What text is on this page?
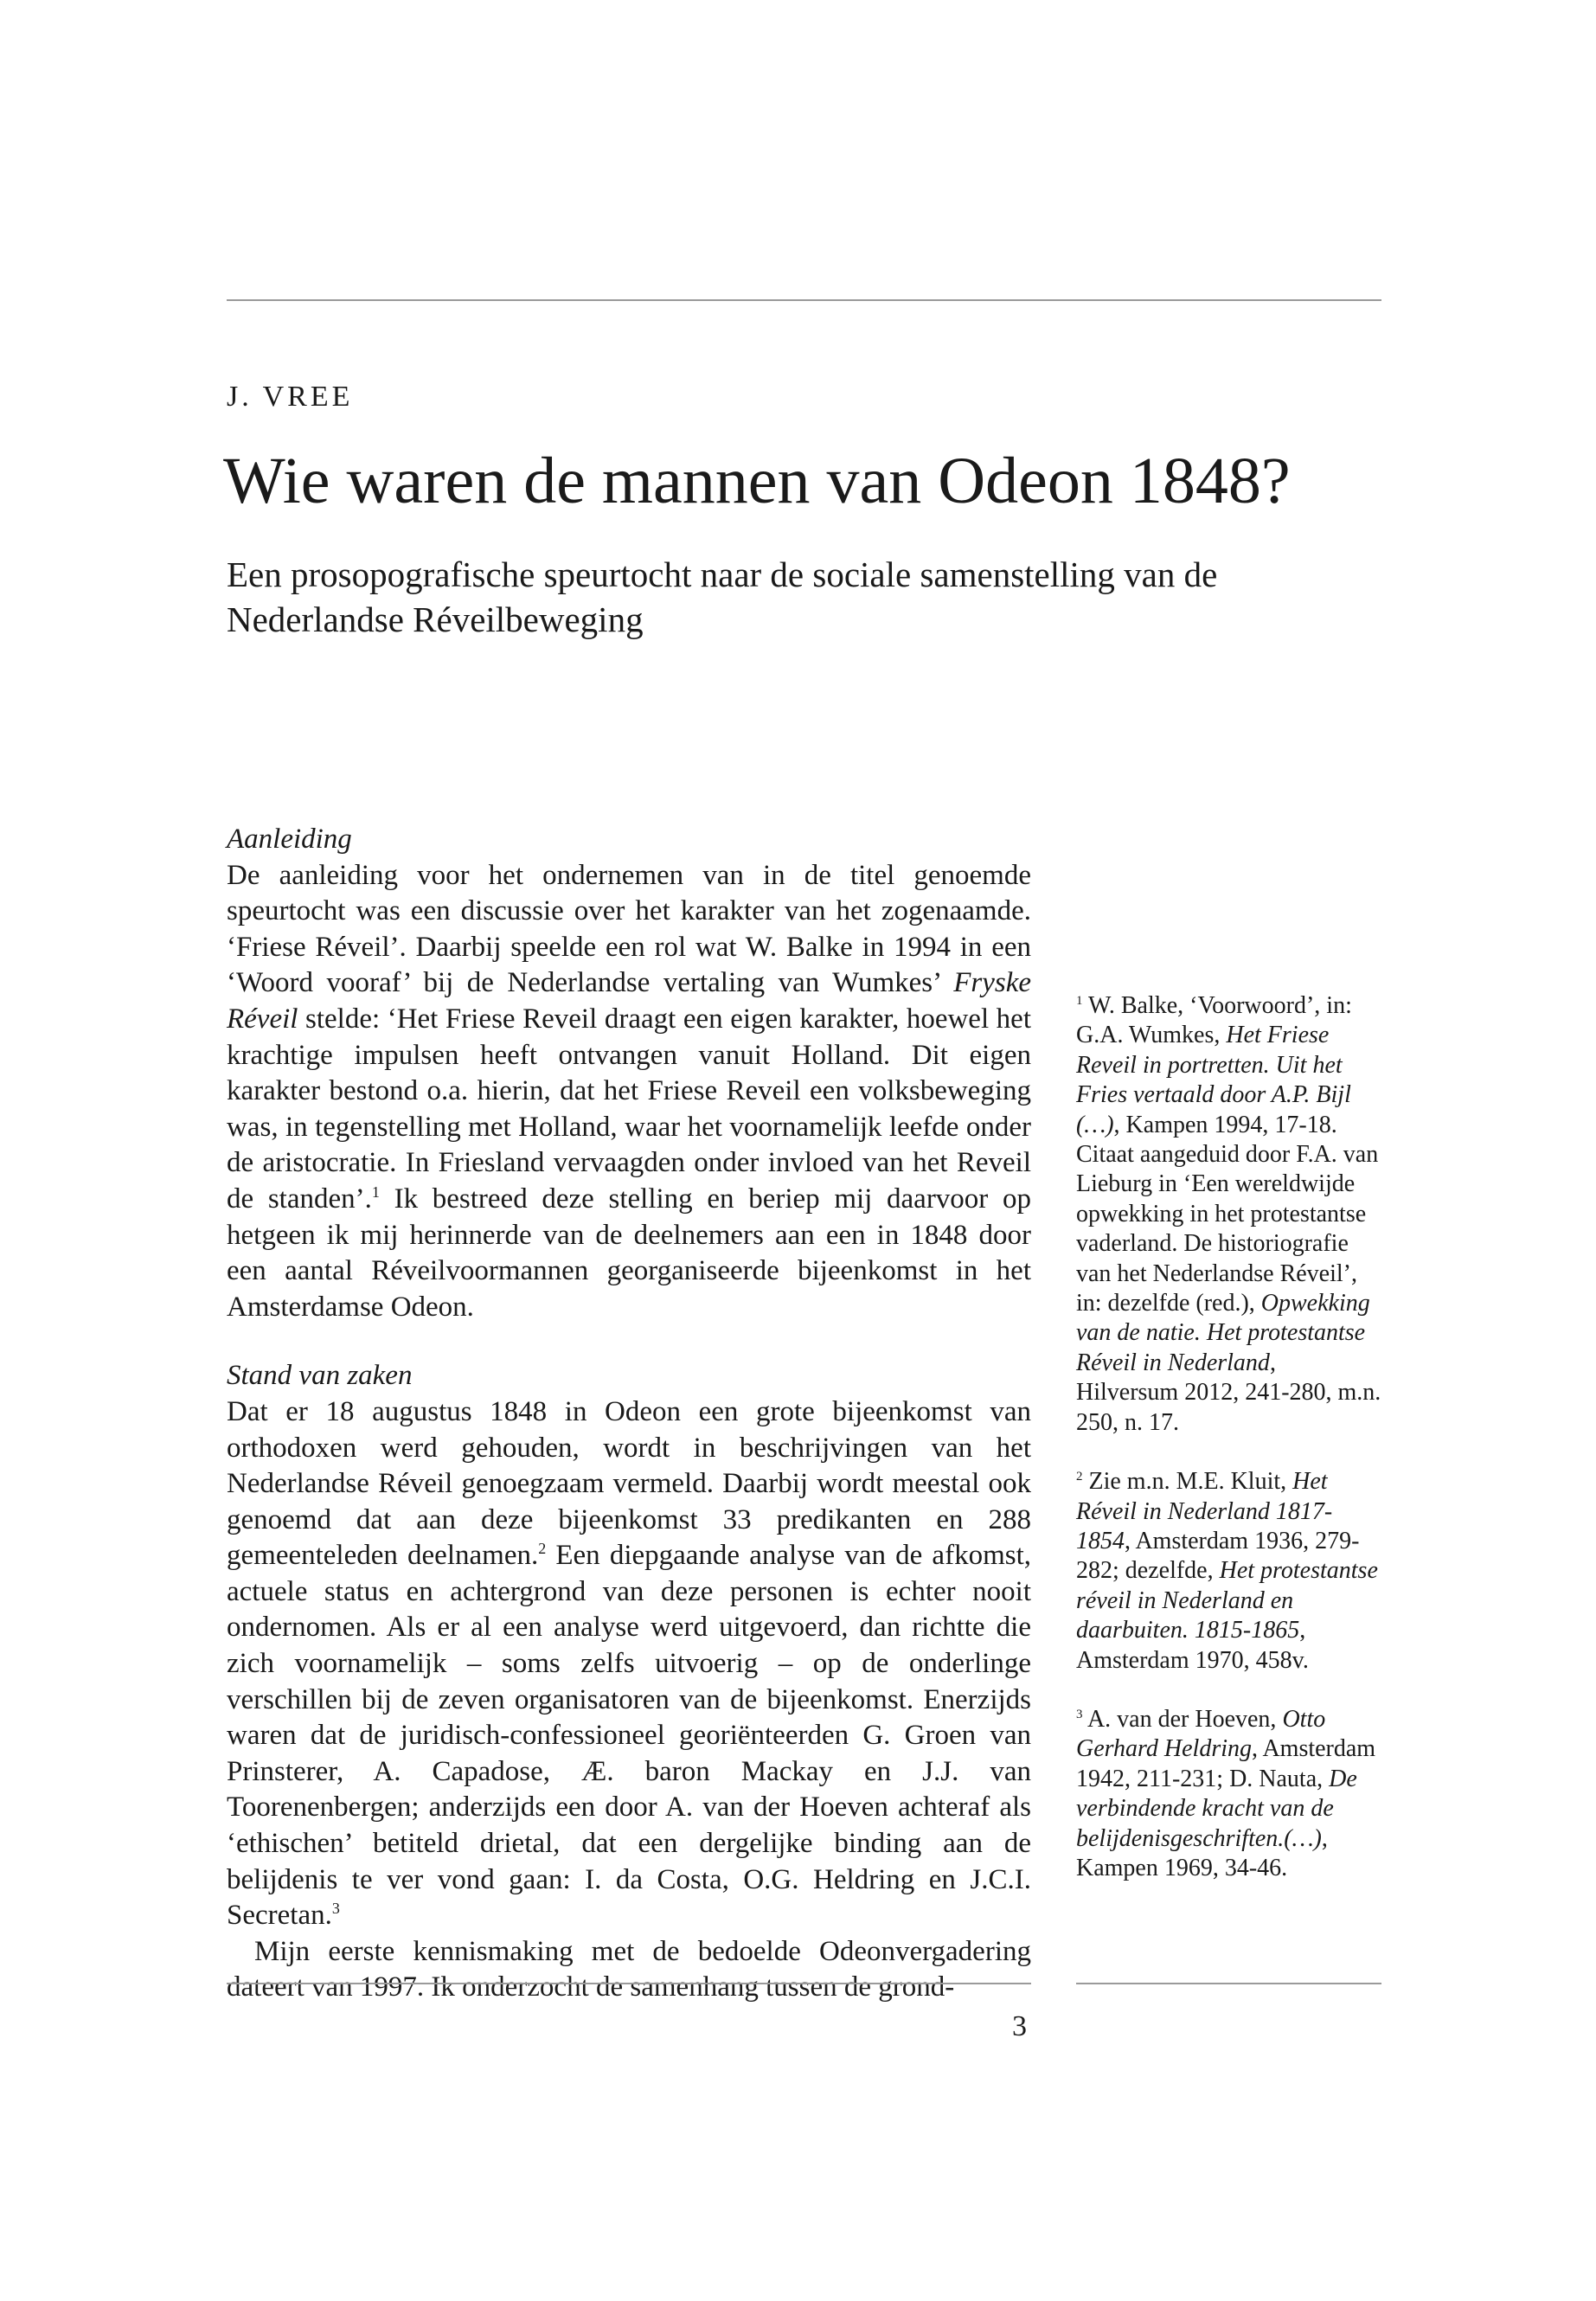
J. VREE
Wie waren de mannen van Odeon 1848?

Een prosopografische speurtocht naar de sociale samenstelling van de Nederlandse Réveilbeweging

Aanleiding

De aanleiding voor het ondernemen van in de titel genoemde speurtocht was een discussie over het karakter van het zogenaamde. ‘Friese Réveil’. Daarbij speelde een rol wat W. Balke in 1994 in een ‘Woord vooraf’ bij de Nederlandse vertaling van Wumkes’ Fryske Réveil stelde: ‘Het Friese Reveil draagt een eigen karakter, hoewel het krachtige impulsen heeft ontvangen vanuit Holland. Dit eigen karakter bestond o.a. hierin, dat het Friese Reveil een volksbeweging was, in tegenstelling met Holland, waar het voornamelijk leefde onder de aristocratie. In Friesland vervaagden onder invloed van het Reveil de standen’.$^1$ Ik bestreed deze stelling en beriep mij daarvoor op hetgeen ik mij herinnerde van de deelnemers aan een in 1848 door een aantal Réveilvoormannen georganiseerde bijeenkomst in het Amsterdamse Odeon.

Stand van zaken

Dat er 18 augustus 1848 in Odeon een grote bijeenkomst van orthodoxen werd gehouden, wordt in beschrijvingen van het Nederlandse Réveil genoegzaam vermeld. Daarbij wordt meestal ook genoemd dat aan deze bijeenkomst 33 predikanten en 288 gemeenteleden deelnamen.$^2$ Een diepgaande analyse van de afkomst, actuele status en achtergrond van deze personen is echter nooit ondernomen. Als er al een analyse werd uitgevoerd, dan richtte die zich voornamelijk – soms zelfs uitvoerig – op de onderlinge verschillen bij de zeven organisatoren van de bijeenkomst. Enerzijds waren dat de juridisch-confessioneel georiënteerden G. Groen van Prinsterer, A. Capadose, Æ. baron Mackay en J.J. van Toorenenbergen; anderzijds een door A. van der Hoeven achteraf als ‘ethischen’ betiteld drietal, dat een dergelijke binding aan de belijdenis te ver vond gaan: I. da Costa, O.G. Heldring en J.C.I. Secretan.$^3$

Mijn eerste kennismaking met de bedoelde Odeonvergadering dateert van 1997. Ik onderzocht de samenhang tussen de grond-

$^1$ W. Balke, ‘Voorwoord’, in: G.A. Wumkes, Het Friese Reveil in portretten. Uit het Fries vertaald door A.P. Bijl (…), Kampen 1994, 17-18. Citaat aangeduid door F.A. van Lieburg in ‘Een wereldwijde opwekking in het protestantse vaderland. De historiografie van het Nederlandse Réveil’, in: dezelfde (red.), Opwekking van de natie. Het protestantse Réveil in Nederland, Hilversum 2012, 241-280, m.n. 250, n. 17.

$^2$ Zie m.n. M.E. Kluit, Het Réveil in Nederland 1817-1854, Amsterdam 1936, 279-282; dezelfde, Het protestantse réveil in Nederland en daarbuiten. 1815-1865, Amsterdam 1970, 458v.

$^3$ A. van der Hoeven, Otto Gerhard Heldring, Amsterdam 1942, 211-231; D. Nauta, De verbindende kracht van de belijdenisgeschriften.(…), Kampen 1969, 34-46.

3
